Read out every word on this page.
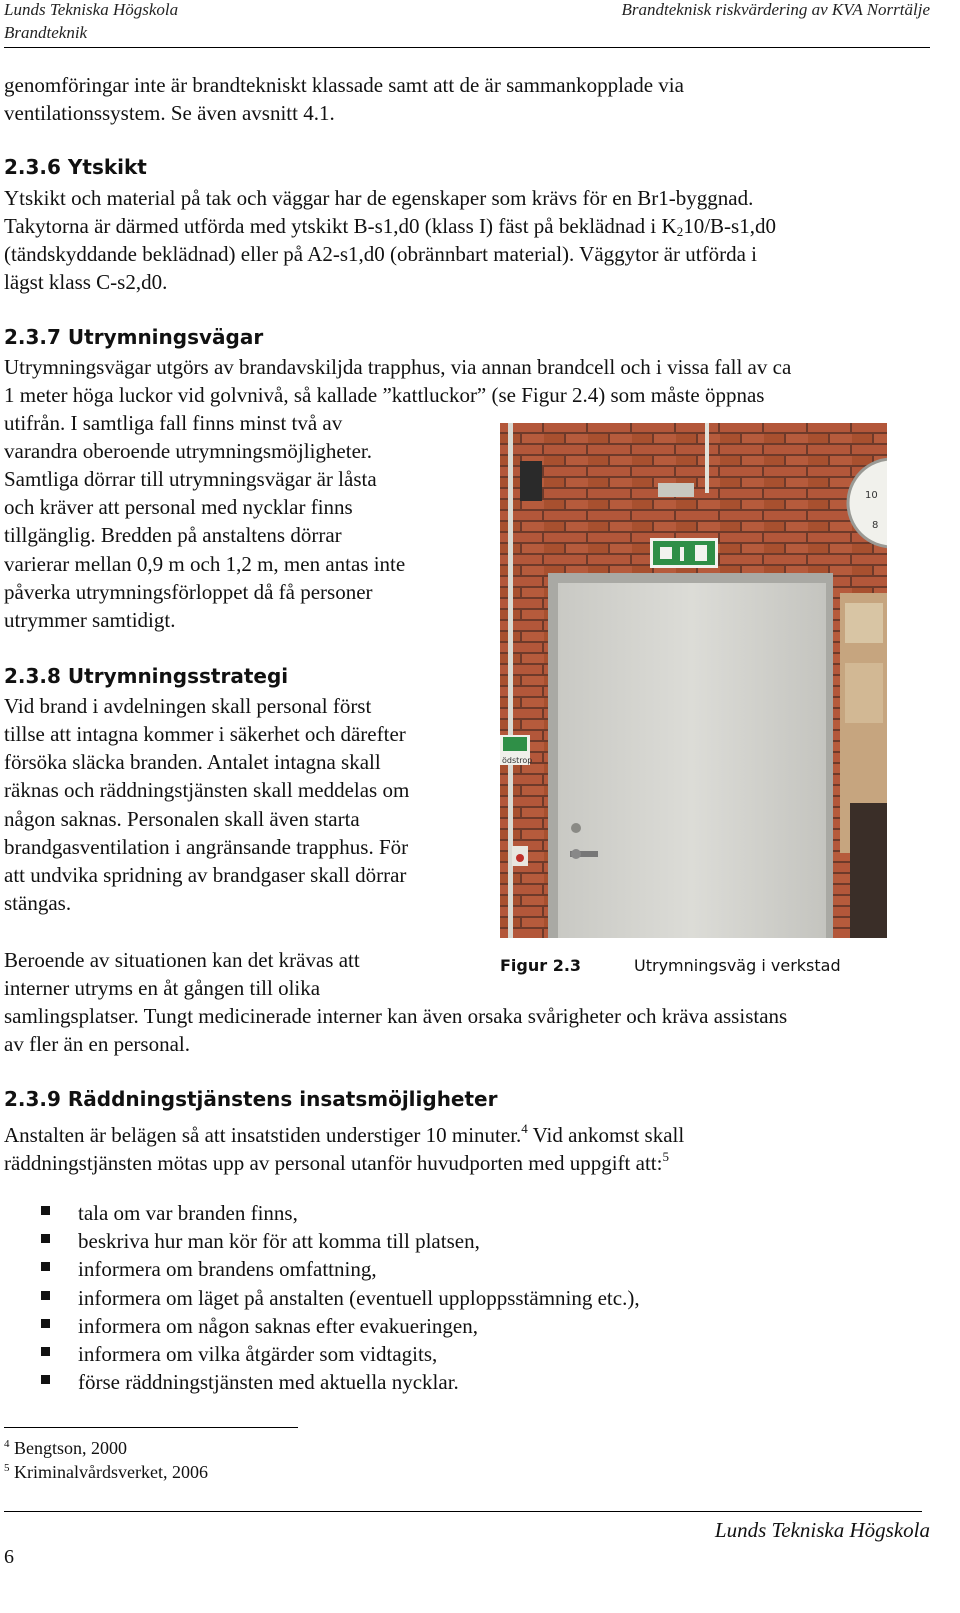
Lunds Tekniska Högskola
Brandteknik
Brandteknisk riskvärdering av KVA Norrtälje
genomföringar inte är brandtekniskt klassade samt att de är sammankopplade via
ventilationssystem. Se även avsnitt 4.1.
2.3.6 Ytskikt
Ytskikt och material på tak och väggar har de egenskaper som krävs för en Br1-byggnad.
Takytorna är därmed utförda med ytskikt B-s1,d0 (klass I) fäst på beklädnad i $K_210/B-s1,d0$
(tändskyddande beklädnad) eller på A2-s1,d0 (obrännbart material). Väggytor är utförda i
lägst klass C-s2,d0.
2.3.7 Utrymningsvägar
Utrymningsvägar utgörs av brandavskiljda trapphus, via annan brandcell och i vissa fall av ca
1 meter höga luckor vid golvnivå, så kallade ”kattluckor” (se Figur 2.4) som måste öppnas
utifrån. I samtliga fall finns minst två av
varandra oberoende utrymningsmöjligheter.
Samtliga dörrar till utrymningsvägar är låsta
och kräver att personal med nycklar finns
tillgänglig. Bredden på anstaltens dörrar
varierar mellan 0,9 m och 1,2 m, men antas inte
påverka utrymningsförloppet då få personer
utrymmer samtidigt.
2.3.8 Utrymningsstrategi
Vid brand i avdelningen skall personal först
tillse att intagna kommer i säkerhet och därefter
försöka släcka branden. Antalet intagna skall
räknas och räddningstjänsten skall meddelas om
någon saknas. Personalen skall även starta
brandgasventilation i angränsande trapphus. För
att undvika spridning av brandgaser skall dörrar
stängas.
Beroende av situationen kan det krävas att
interner utryms en åt gången till olika
samlingsplatser. Tungt medicinerade interner kan även orsaka svårigheter och kräva assistans
av fler än en personal.
ödstrop
10
8
Figur 2.3	Utrymningsväg i verkstad
2.3.9 Räddningstjänstens insatsmöjligheter
Anstalten är belägen så att insatstiden understiger 10 minuter.$^4$ Vid ankomst skall
räddningstjänsten mötas upp av personal utanför huvudporten med uppgift att:$^5$
tala om var branden finns,
beskriva hur man kör för att komma till platsen,
informera om brandens omfattning,
informera om läget på anstalten (eventuell upploppsstämning etc.),
informera om någon saknas efter evakueringen,
informera om vilka åtgärder som vidtagits,
förse räddningstjänsten med aktuella nycklar.
$^4$ Bengtson, 2000
$^5$ Kriminalvårdsverket, 2006
Lunds Tekniska Högskola
6
